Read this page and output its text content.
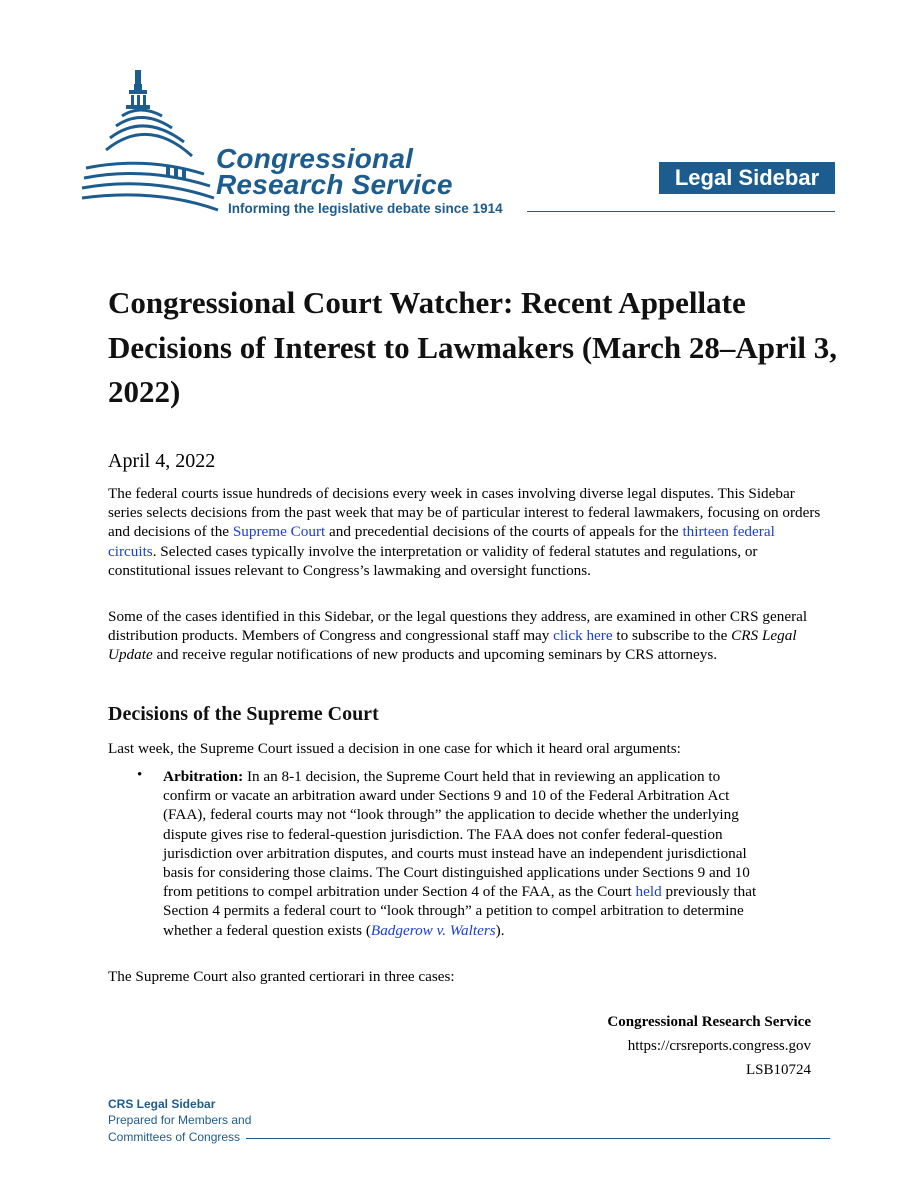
Congressional
Research Service
Informing the legislative debate since 1914
Legal Sidebar
Congressional Court Watcher: Recent Appellate Decisions of Interest to Lawmakers (March 28–April 3, 2022)
April 4, 2022

The federal courts issue hundreds of decisions every week in cases involving diverse legal disputes. This Sidebar series selects decisions from the past week that may be of particular interest to federal lawmakers, focusing on orders and decisions of the Supreme Court and precedential decisions of the courts of appeals for the thirteen federal circuits. Selected cases typically involve the interpretation or validity of federal statutes and regulations, or constitutional issues relevant to Congress’s lawmaking and oversight functions.

Some of the cases identified in this Sidebar, or the legal questions they address, are examined in other CRS general distribution products. Members of Congress and congressional staff may click here to subscribe to the CRS Legal Update and receive regular notifications of new products and upcoming seminars by CRS attorneys.

Decisions of the Supreme Court

Last week, the Supreme Court issued a decision in one case for which it heard oral arguments:

• Arbitration: In an 8-1 decision, the Supreme Court held that in reviewing an application to confirm or vacate an arbitration award under Sections 9 and 10 of the Federal Arbitration Act (FAA), federal courts may not “look through” the application to decide whether the underlying dispute gives rise to federal-question jurisdiction. The FAA does not confer federal-question jurisdiction over arbitration disputes, and courts must instead have an independent jurisdictional basis for considering those claims. The Court distinguished applications under Sections 9 and 10 from petitions to compel arbitration under Section 4 of the FAA, as the Court held previously that Section 4 permits a federal court to “look through” a petition to compel arbitration to determine whether a federal question exists (Badgerow v. Walters).

The Supreme Court also granted certiorari in three cases:

Congressional Research Service
https://crsreports.congress.gov
LSB10724
CRS Legal Sidebar
Prepared for Members and
Committees of Congress
